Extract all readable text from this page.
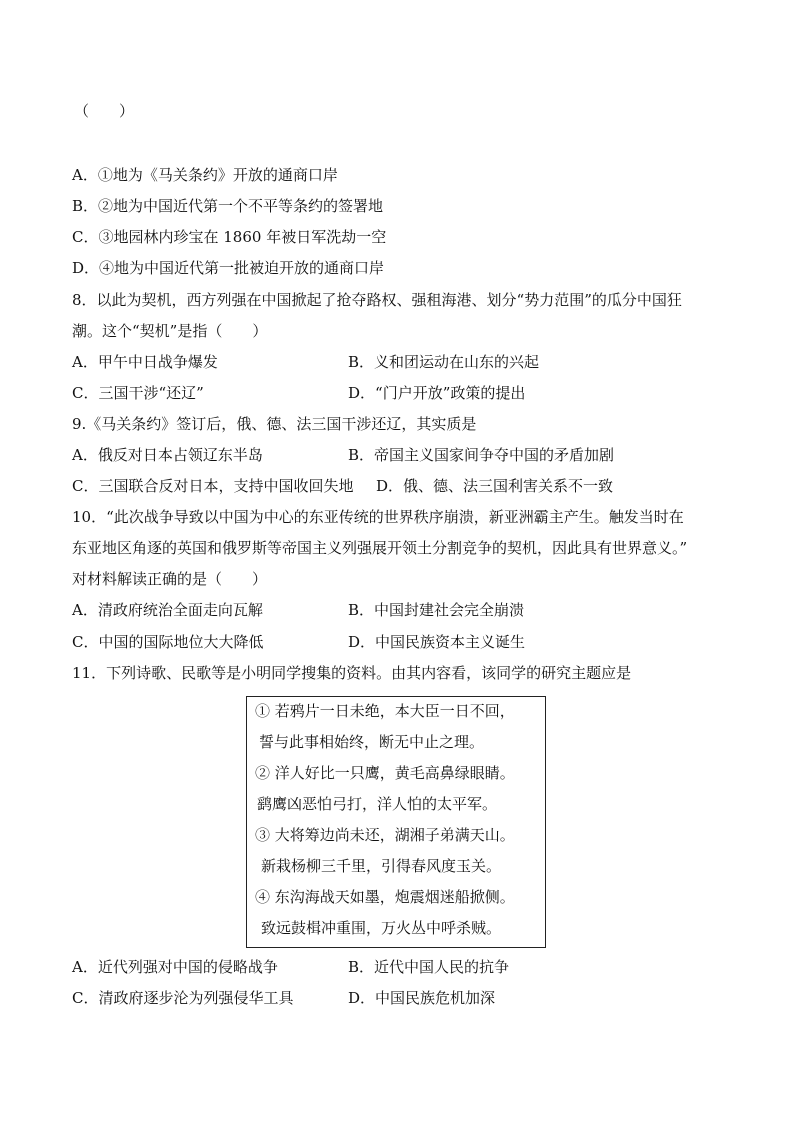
（　　）
A．①地为《马关条约》开放的通商口岸
B．②地为中国近代第一个不平等条约的签署地
C．③地园林内珍宝在 1860 年被日军洗劫一空
D．④地为中国近代第一批被迫开放的通商口岸
8．以此为契机，西方列强在中国掀起了抢夺路权、强租海港、划分“势力范围”的瓜分中国狂
潮。这个“契机”是指（　　）
A．甲午中日战争爆发	B．义和团运动在山东的兴起
C．三国干涉“还辽”	D．“门户开放”政策的提出
9.《马关条约》签订后，俄、德、法三国干涉还辽，其实质是
A．俄反对日本占领辽东半岛	B．帝国主义国家间争夺中国的矛盾加剧
C．三国联合反对日本，支持中国收回失地 D．俄、德、法三国利害关系不一致
10．“此次战争导致以中国为中心的东亚传统的世界秩序崩溃，新亚洲霸主产生。触发当时在
东亚地区角逐的英国和俄罗斯等帝国主义列强展开领土分割竞争的契机，因此具有世界意义。”
对材料解读正确的是（　　）
A．清政府统治全面走向瓦解	B．中国封建社会完全崩溃
C．中国的国际地位大大降低	D．中国民族资本主义诞生
11．下列诗歌、民歌等是小明同学搜集的资料。由其内容看，该同学的研究主题应是
① 若鸦片一日未绝，本大臣一日不回，
誓与此事相始终，断无中止之理。
② 洋人好比一只鹰，黄毛高鼻绿眼睛。
鹞鹰凶恶怕弓打，洋人怕的太平军。
③ 大将筹边尚未还，湖湘子弟满天山。
新栽杨柳三千里，引得春风度玉关。
④ 东沟海战天如墨，炮震烟迷船掀侧。
致远鼓楫冲重围，万火丛中呼杀贼。
A．近代列强对中国的侵略战争	B．近代中国人民的抗争
C．清政府逐步沦为列强侵华工具	D．中国民族危机加深
